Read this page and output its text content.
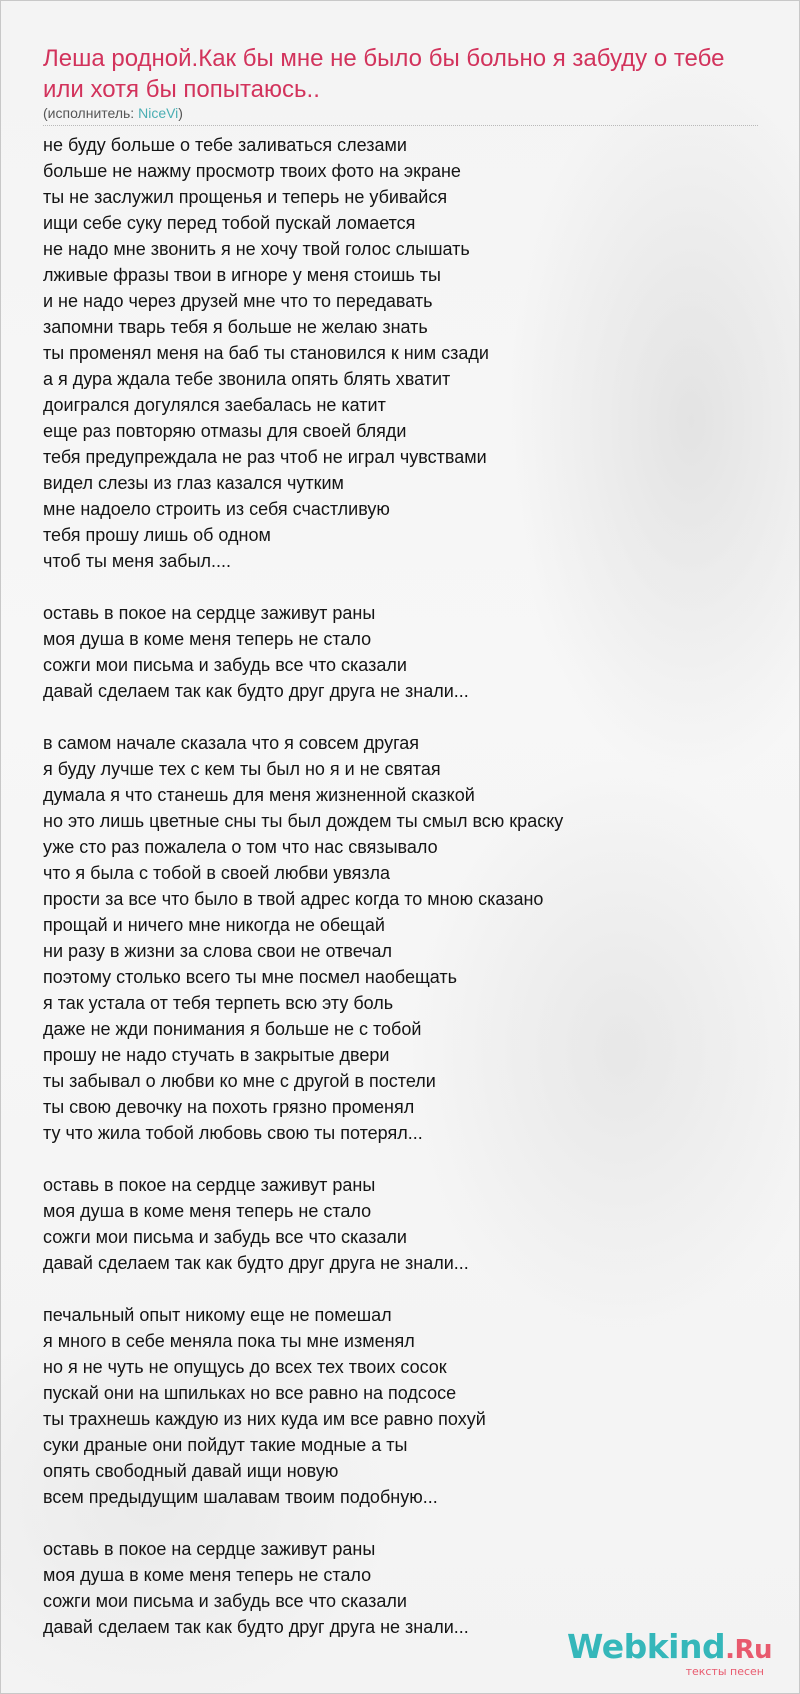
Леша родной.Как бы мне не было бы больно я забуду о тебе или хотя бы попытаюсь..
(исполнитель: NiceVi)
не буду больше о тебе заливаться слезами
больше не нажму просмотр твоих фото на экране
ты не заслужил прощенья и теперь не убивайся
ищи себе суку перед тобой пускай ломается
не надо мне звонить я не хочу твой голос слышать
лживые фразы твои в игноре у меня стоишь ты
и не надо через друзей мне что то передавать
запомни тварь тебя я больше не желаю знать
ты променял меня на баб ты становился к ним сзади
а я дура ждала тебе звонила опять блять хватит
доигрался догулялся заебалась не катит
еще раз повторяю отмазы для своей бляди
тебя предупреждала не раз чтоб не играл чувствами
видел слезы из глаз казался чутким
мне надоело строить из себя счастливую
тебя прошу лишь об одном
чтоб ты меня забыл....
оставь в покое на сердце заживут раны
моя душа в коме меня теперь не стало
сожги мои письма и забудь все что сказали
давай сделаем так как будто друг друга не знали...
в самом начале сказала что я совсем другая
я буду лучше тех с кем ты был но я и не святая
думала я что станешь для меня жизненной сказкой
но это лишь цветные сны ты был дождем ты смыл всю краску
уже сто раз пожалела о том что нас связывало
что я была с тобой в своей любви увязла
прости за все что было в твой адрес когда то мною сказано
прощай и ничего мне никогда не обещай
ни разу в жизни за слова свои не отвечал
поэтому столько всего ты мне посмел наобещать
я так устала от тебя терпеть всю эту боль
даже не жди понимания я больше не с тобой
прошу не надо стучать в закрытые двери
ты забывал о любви ко мне с другой в постели
ты свою девочку на похоть грязно променял
ту что жила тобой любовь свою ты потерял...
оставь в покое на сердце заживут раны
моя душа в коме меня теперь не стало
сожги мои письма и забудь все что сказали
давай сделаем так как будто друг друга не знали...
печальный опыт никому еще не помешал
я много в себе меняла пока ты мне изменял
но я не чуть не опущусь до всех тех твоих сосок
пускай они на шпильках но все равно на подсосе
ты трахнешь каждую из них куда им все равно похуй
суки драные они пойдут такие модные а ты
опять свободный давай ищи новую
всем предыдущим шалавам твоим подобную...
оставь в покое на сердце заживут раны
моя душа в коме меня теперь не стало
сожги мои письма и забудь все что сказали
давай сделаем так как будто друг друга не знали...	Webkind.Ru
тексты песен
